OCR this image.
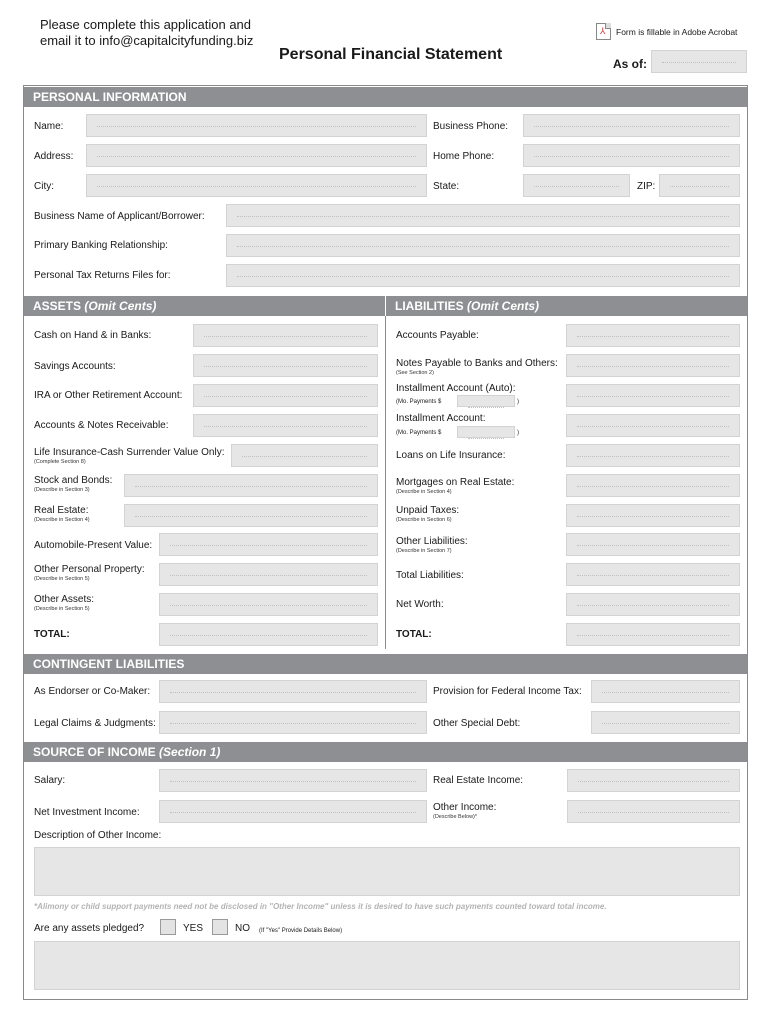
Please complete this application and email it to info@capitalcityfunding.biz
Personal Financial Statement
⅄ Form is fillable in Adobe Acrobat
As of:
PERSONAL INFORMATION
Name:	Business Phone:
Address:	Home Phone:
City:	State:	ZIP:
Business Name of Applicant/Borrower:
Primary Banking Relationship:
Personal Tax Returns Files for:
ASSETS (Omit Cents)	LIABILITIES (Omit Cents)
Cash on Hand & in Banks:
Savings Accounts:
IRA or Other Retirement Account:
Accounts & Notes Receivable:
Life Insurance-Cash Surrender Value Only:
(Complete Section 8)
Stock and Bonds:
(Describe in Section 3)
Real Estate:
(Describe in Section 4)
Automobile-Present Value:
Other Personal Property:
(Describe in Section 5)
Other Assets:
(Describe in Section 5)
TOTAL:
Accounts Payable:
Notes Payable to Banks and Others:
(See Section 2)
Installment Account (Auto):
(Mo. Payments $	)
Installment Account:
(Mo. Payments $	)
Loans on Life Insurance:
Mortgages on Real Estate:
(Describe in Section 4)
Unpaid Taxes:
(Describe in Section 6)
Other Liabilities:
(Describe in Section 7)
Total Liabilities:
Net Worth:
TOTAL:
CONTINGENT LIABILITIES
As Endorser or Co-Maker:	Provision for Federal Income Tax:
Legal Claims & Judgments:	Other Special Debt:
SOURCE OF INCOME (Section 1)
Salary:	Real Estate Income:
Net Investment Income:	Other Income:
(Describe Below)*
Description of Other Income:
*Alimony or child support payments need not be disclosed in "Other Income" unless it is desired to have such payments counted toward total income.
Are any assets pledged?	YES	NO (If "Yes" Provide Details Below)
